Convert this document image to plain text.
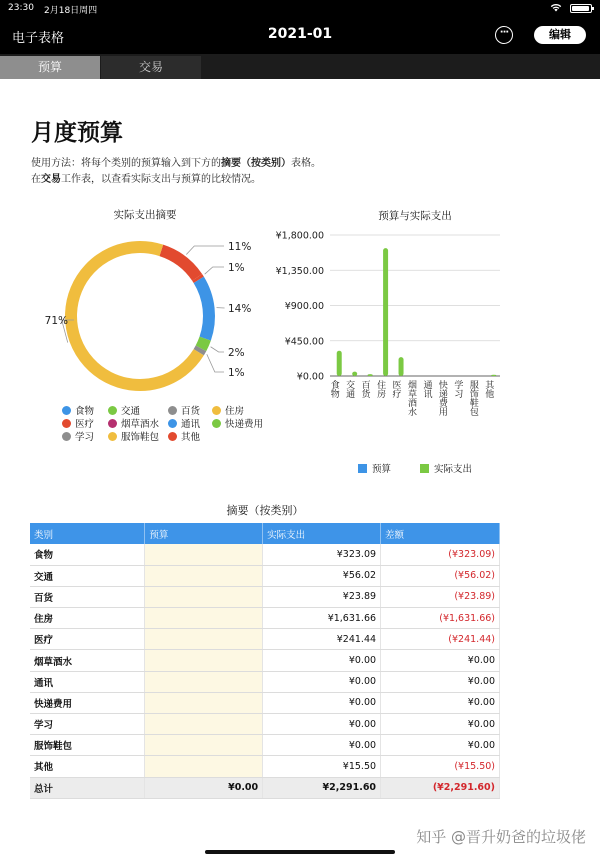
23:30 2月18日周四
电子表格	2021-01	···	编辑
预算	交易
月度预算
使用方法：将每个类别的预算输入到下方的摘要（按类别）表格。
在交易工作表，以查看实际支出与预算的比较情况。
实际支出摘要
11%
1%
14%
2%
1%
71%
食物	交通	百货	住房
医疗	烟草酒水	通讯	快递费用
学习	服饰鞋包	其他
预算与实际支出
¥0.00
¥450.00
¥900.00
¥1,350.00
¥1,800.00
食物 交通 百货 住房 医疗 烟草酒水 通讯 快递费用 学习 服饰鞋包 其他
预算	实际支出
摘要（按类别）
类别	预算	实际支出	差额
食物		¥323.09	(¥323.09)
交通		¥56.02	(¥56.02)
百货		¥23.89	(¥23.89)
住房		¥1,631.66	(¥1,631.66)
医疗		¥241.44	(¥241.44)
烟草酒水		¥0.00	¥0.00
通讯		¥0.00	¥0.00
快递费用		¥0.00	¥0.00
学习		¥0.00	¥0.00
服饰鞋包		¥0.00	¥0.00
其他		¥15.50	(¥15.50)
总计	¥0.00	¥2,291.60	(¥2,291.60)
知乎 @晋升奶爸的垃圾佬
